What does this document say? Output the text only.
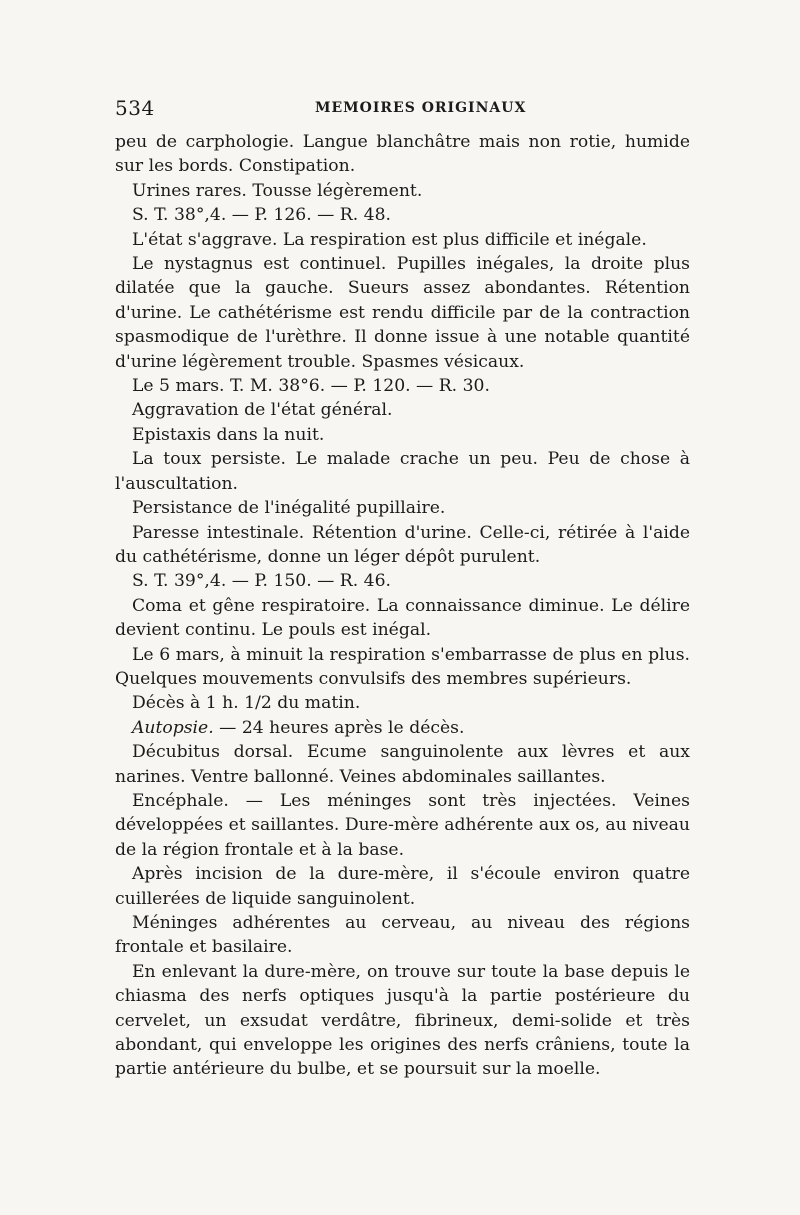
534	MEMOIRES ORIGINAUX

peu de carphologie. Langue blanchâtre mais non rotie, humide sur les bords. Constipation.

Urines rares. Tousse légèrement.

S. T. 38°,4. — P. 126. — R. 48.

L'état s'aggrave. La respiration est plus difficile et inégale.

Le nystagnus est continuel. Pupilles inégales, la droite plus dilatée que la gauche. Sueurs assez abondantes. Rétention d'urine. Le cathétérisme est rendu difficile par de la contraction spasmodique de l'urèthre. Il donne issue à une notable quantité d'urine légèrement trouble. Spasmes vésicaux.

Le 5 mars. T. M. 38°6. — P. 120. — R. 30.

Aggravation de l'état général.

Epistaxis dans la nuit.

La toux persiste. Le malade crache un peu. Peu de chose à l'auscultation.

Persistance de l'inégalité pupillaire.

Paresse intestinale. Rétention d'urine. Celle-ci, rétirée à l'aide du cathétérisme, donne un léger dépôt purulent.

S. T. 39°,4. — P. 150. — R. 46.

Coma et gêne respiratoire. La connaissance diminue. Le délire devient continu. Le pouls est inégal.

Le 6 mars, à minuit la respiration s'embarrasse de plus en plus. Quelques mouvements convulsifs des membres supérieurs.

Décès à 1 h. 1/2 du matin.

Autopsie. — 24 heures après le décès.

Décubitus dorsal. Ecume sanguinolente aux lèvres et aux narines. Ventre ballonné. Veines abdominales saillantes.

Encéphale. — Les méninges sont très injectées. Veines développées et saillantes. Dure-mère adhérente aux os, au niveau de la région frontale et à la base.

Après incision de la dure-mère, il s'écoule environ quatre cuillerées de liquide sanguinolent.

Méninges adhérentes au cerveau, au niveau des régions frontale et basilaire.

En enlevant la dure-mère, on trouve sur toute la base depuis le chiasma des nerfs optiques jusqu'à la partie postérieure du cervelet, un exsudat verdâtre, fibrineux, demi-solide et très abondant, qui enveloppe les origines des nerfs crâniens, toute la partie antérieure du bulbe, et se poursuit sur la moelle.
